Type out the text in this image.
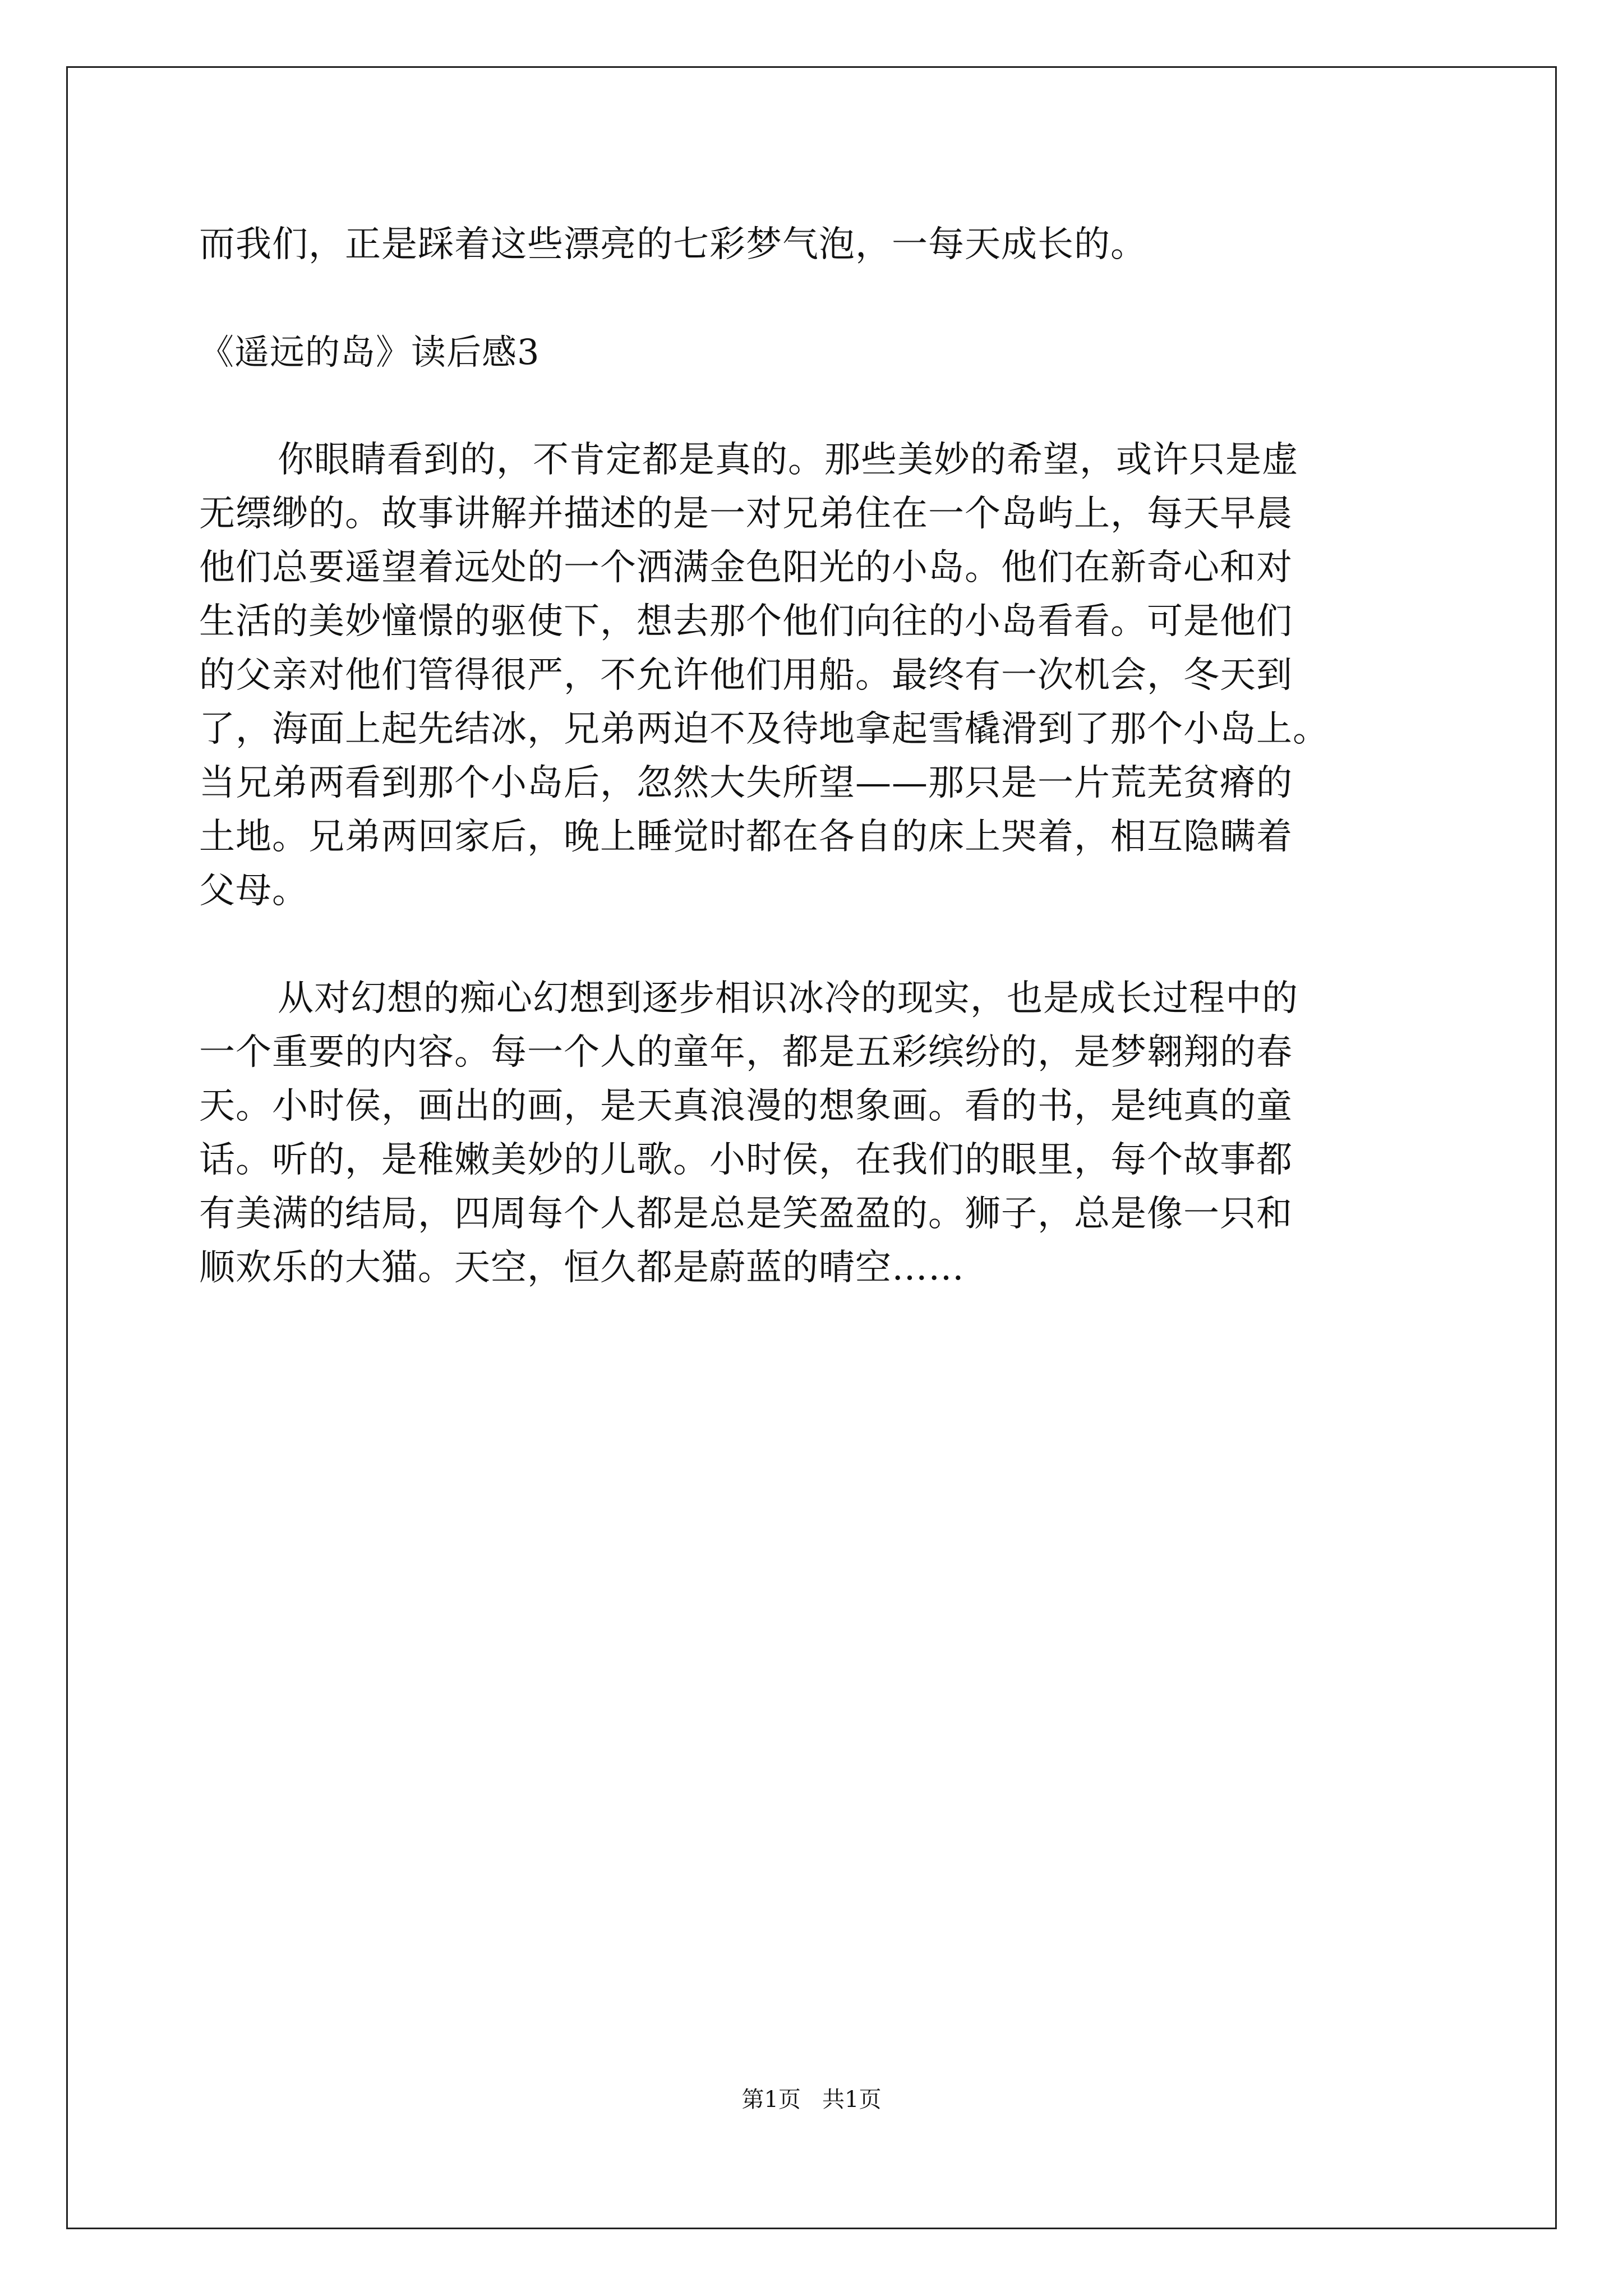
而我们，正是踩着这些漂亮的七彩梦气泡，一每天成长的。
《遥远的岛》读后感3
你眼睛看到的，不肯定都是真的。那些美妙的希望，或许只是虚
无缥缈的。故事讲解并描述的是一对兄弟住在一个岛屿上，每天早晨
他们总要遥望着远处的一个洒满金色阳光的小岛。他们在新奇心和对
生活的美妙憧憬的驱使下，想去那个他们向往的小岛看看。可是他们
的父亲对他们管得很严，不允许他们用船。最终有一次机会，冬天到
了，海面上起先结冰，兄弟两迫不及待地拿起雪橇滑到了那个小岛上。
当兄弟两看到那个小岛后，忽然大失所望——那只是一片荒芜贫瘠的
土地。兄弟两回家后，晚上睡觉时都在各自的床上哭着，相互隐瞒着
父母。
从对幻想的痴心幻想到逐步相识冰冷的现实，也是成长过程中的
一个重要的内容。每一个人的童年，都是五彩缤纷的，是梦翱翔的春
天。小时侯，画出的画，是天真浪漫的想象画。看的书，是纯真的童
话。听的，是稚嫩美妙的儿歌。小时侯，在我们的眼里，每个故事都
有美满的结局，四周每个人都是总是笑盈盈的。狮子，总是像一只和
顺欢乐的大猫。天空，恒久都是蔚蓝的晴空……
第1页   共1页
